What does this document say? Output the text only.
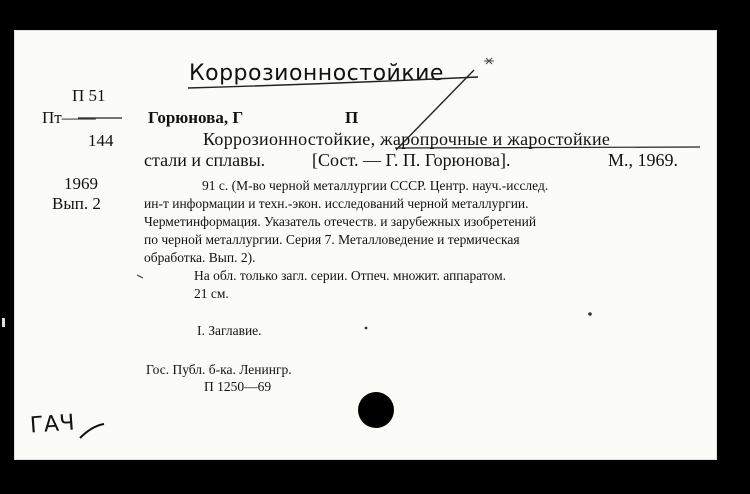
Коррозионностойкие
П 51
Пт——
144
1969
Вып. 2
Горюнова, Г	П
Коррозионностойкие, жаропрочные и жаростойкие
стали и сплавы.	[Сост. — Г. П. Горюнова].	М., 1969.
91 с. (М-во черной металлургии СССР. Центр. науч.-исслед.
ин-т информации и техн.-экон. исследований черной металлургии.
Черметинформация. Указатель отечеств. и зарубежных изобретений
по черной металлургии. Серия 7. Металловедение и термическая
обработка. Вып. 2).
На обл. только загл. серии. Отпеч. множит. аппаратом.
21 см.
I. Заглавие.
Гос. Публ. б-ка. Ленингр.
П 1250—69
ГАЧ
